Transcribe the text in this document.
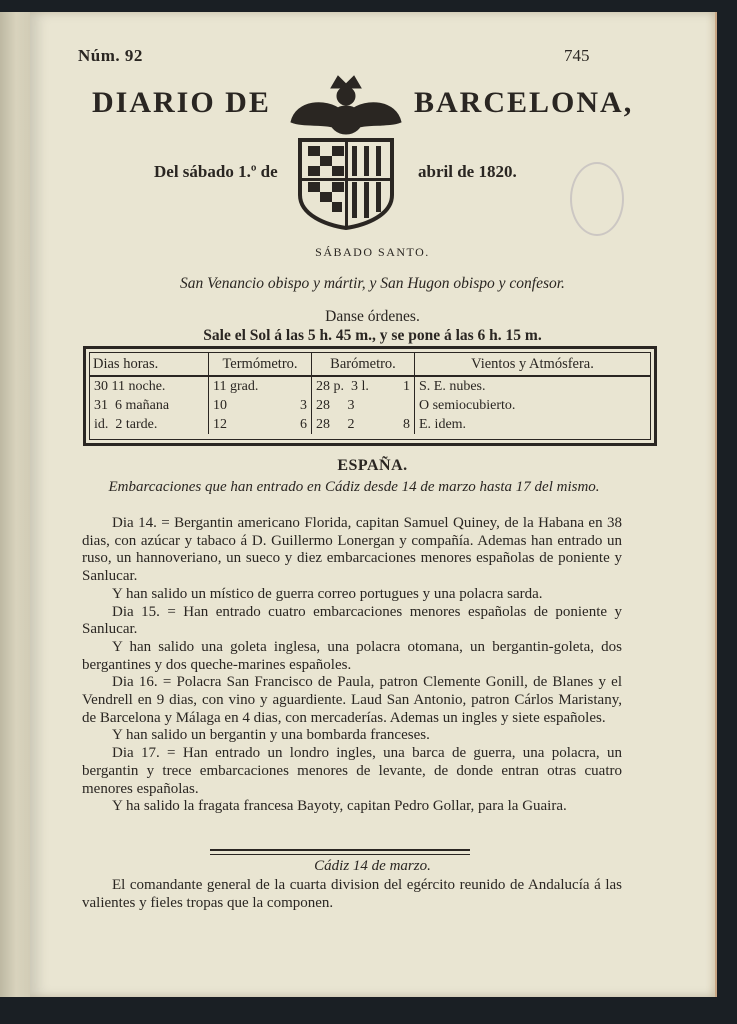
Núm. 92	745
DIARIO DE	BARCELONA,
Del sábado 1.º de	abril de 1820.
SÁBADO SANTO.
San Venancio obispo y mártir, y San Hugon obispo y confesor.
Danse órdenes.
Sale el Sol á las 5 h. 45 m., y se pone á las 6 h. 15 m.
Dias horas.	Termómetro.	Barómetro.	Vientos y Atmósfera.
30 11 noche.	11 grad.	28 p. 3 l. 1	S. E. nubes.
31 6 mañana	10 3	28 3	O semiocubierto.
id. 2 tarde.	12 6	28 2 8	E. idem.
ESPAÑA.
Embarcaciones que han entrado en Cádiz desde 14 de marzo hasta 17 del mismo.

Dia 14. = Bergantin americano Florida, capitan Samuel Quiney, de la Habana en 38 dias, con azúcar y tabaco á D. Guillermo Lonergan y compañía. Ademas han entrado un ruso, un hannoveriano, un sueco y diez embarcaciones menores españolas de poniente y Sanlucar.

Y han salido un místico de guerra correo portugues y una polacra sarda.

Dia 15. = Han entrado cuatro embarcaciones menores españolas de poniente y Sanlucar.

Y han salido una goleta inglesa, una polacra otomana, un bergantin-goleta, dos bergantines y dos queche-marines españoles.

Dia 16. = Polacra San Francisco de Paula, patron Clemente Gonill, de Blanes y el Vendrell en 9 dias, con vino y aguardiente. Laud San Antonio, patron Cárlos Maristany, de Barcelona y Málaga en 4 dias, con mercaderías. Ademas un ingles y siete españoles.

Y han salido un bergantin y una bombarda franceses.

Dia 17. = Han entrado un londro ingles, una barca de guerra, una polacra, un bergantin y trece embarcaciones menores de levante, de donde entran otras cuatro menores españolas.

Y ha salido la fragata francesa Bayoty, capitan Pedro Gollar, para la Guaira.

Cádiz 14 de marzo.

El comandante general de la cuarta division del egército reunido de Andalucía á las valientes y fieles tropas que la componen.
